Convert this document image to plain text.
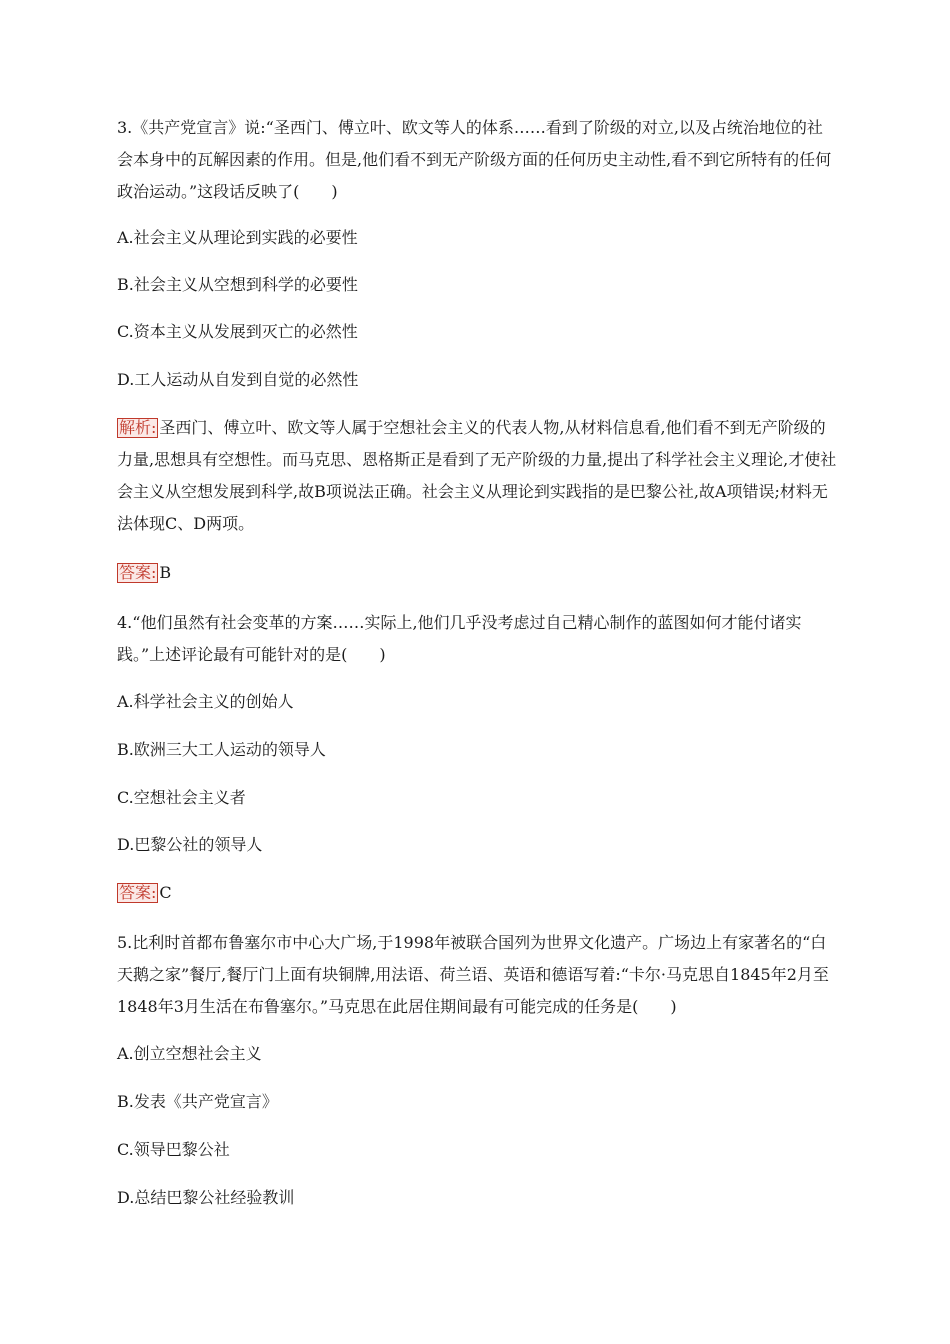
3.《共产党宣言》说:“圣西门、傅立叶、欧文等人的体系……看到了阶级的对立,以及占统治地位的社会本身中的瓦解因素的作用。但是,他们看不到无产阶级方面的任何历史主动性,看不到它所特有的任何政治运动。”这段话反映了(　　)

A.社会主义从理论到实践的必要性

B.社会主义从空想到科学的必要性

C.资本主义从发展到灭亡的必然性

D.工人运动从自发到自觉的必然性

解析: 圣西门、傅立叶、欧文等人属于空想社会主义的代表人物,从材料信息看,他们看不到无产阶级的力量,思想具有空想性。而马克思、恩格斯正是看到了无产阶级的力量,提出了科学社会主义理论,才使社会主义从空想发展到科学,故B项说法正确。社会主义从理论到实践指的是巴黎公社,故A项错误;材料无法体现C、D两项。

答案: B

4.“他们虽然有社会变革的方案……实际上,他们几乎没考虑过自己精心制作的蓝图如何才能付诸实践。”上述评论最有可能针对的是(　　)

A.科学社会主义的创始人

B.欧洲三大工人运动的领导人

C.空想社会主义者

D.巴黎公社的领导人

答案: C

5.比利时首都布鲁塞尔市中心大广场,于1998年被联合国列为世界文化遗产。广场边上有家著名的“白天鹅之家”餐厅,餐厅门上面有块铜牌,用法语、荷兰语、英语和德语写着:“卡尔·马克思自1845年2月至1848年3月生活在布鲁塞尔。”马克思在此居住期间最有可能完成的任务是(　　)

A.创立空想社会主义

B.发表《共产党宣言》

C.领导巴黎公社

D.总结巴黎公社经验教训
